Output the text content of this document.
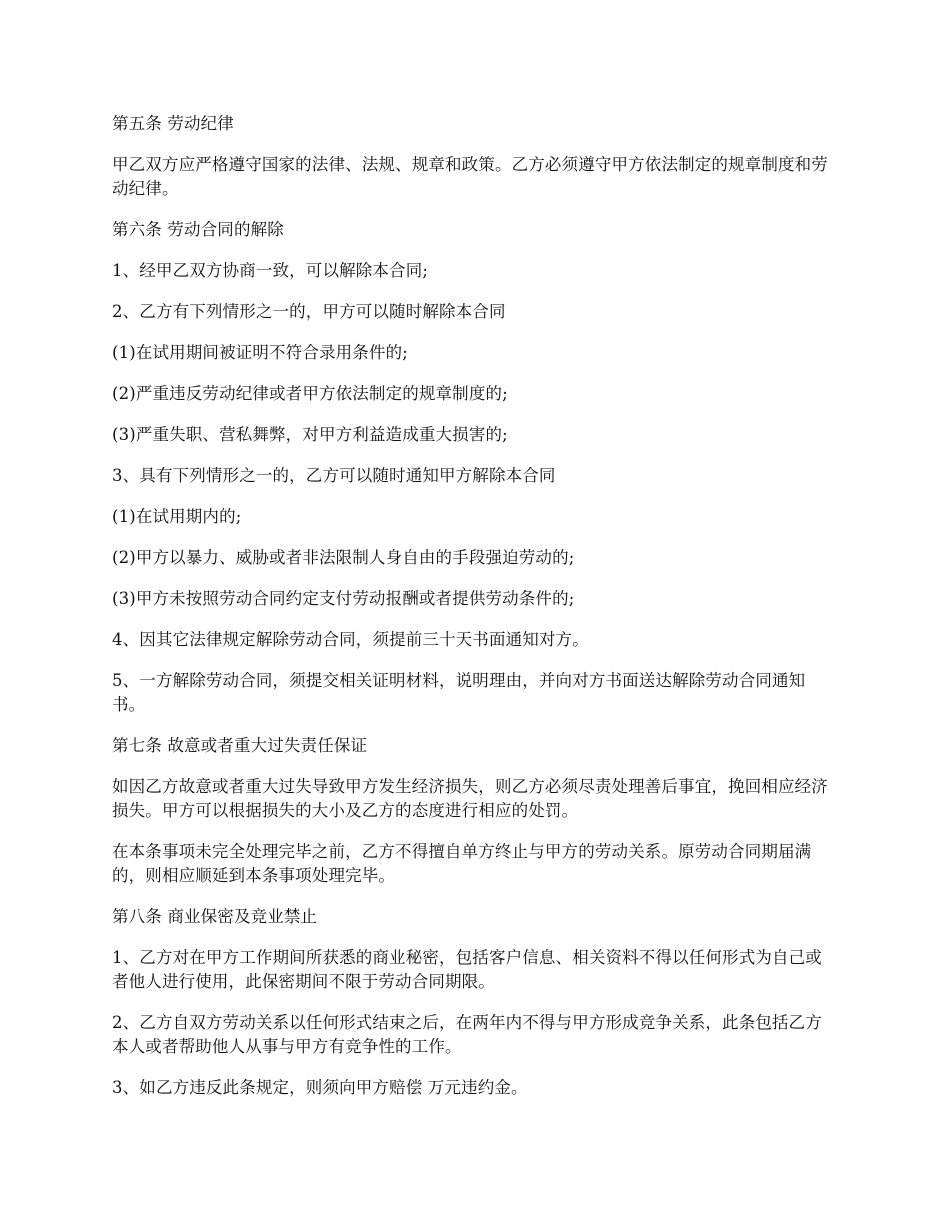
第五条 劳动纪律

甲乙双方应严格遵守国家的法律、法规、规章和政策。乙方必须遵守甲方依法制定的规章制度和劳动纪律。

第六条 劳动合同的解除

1、经甲乙双方协商一致，可以解除本合同;

2、乙方有下列情形之一的，甲方可以随时解除本合同

(1)在试用期间被证明不符合录用条件的;

(2)严重违反劳动纪律或者甲方依法制定的规章制度的;

(3)严重失职、营私舞弊，对甲方利益造成重大损害的;

3、具有下列情形之一的，乙方可以随时通知甲方解除本合同

(1)在试用期内的;

(2)甲方以暴力、威胁或者非法限制人身自由的手段强迫劳动的;

(3)甲方未按照劳动合同约定支付劳动报酬或者提供劳动条件的;

4、因其它法律规定解除劳动合同，须提前三十天书面通知对方。

5、一方解除劳动合同，须提交相关证明材料，说明理由，并向对方书面送达解除劳动合同通知书。

第七条 故意或者重大过失责任保证

如因乙方故意或者重大过失导致甲方发生经济损失，则乙方必须尽责处理善后事宜，挽回相应经济损失。甲方可以根据损失的大小及乙方的态度进行相应的处罚。

在本条事项未完全处理完毕之前，乙方不得擅自单方终止与甲方的劳动关系。原劳动合同期届满的，则相应顺延到本条事项处理完毕。

第八条 商业保密及竞业禁止

1、乙方对在甲方工作期间所获悉的商业秘密，包括客户信息、相关资料不得以任何形式为自己或者他人进行使用，此保密期间不限于劳动合同期限。

2、乙方自双方劳动关系以任何形式结束之后，在两年内不得与甲方形成竞争关系，此条包括乙方本人或者帮助他人从事与甲方有竞争性的工作。

3、如乙方违反此条规定，则须向甲方赔偿 万元违约金。
